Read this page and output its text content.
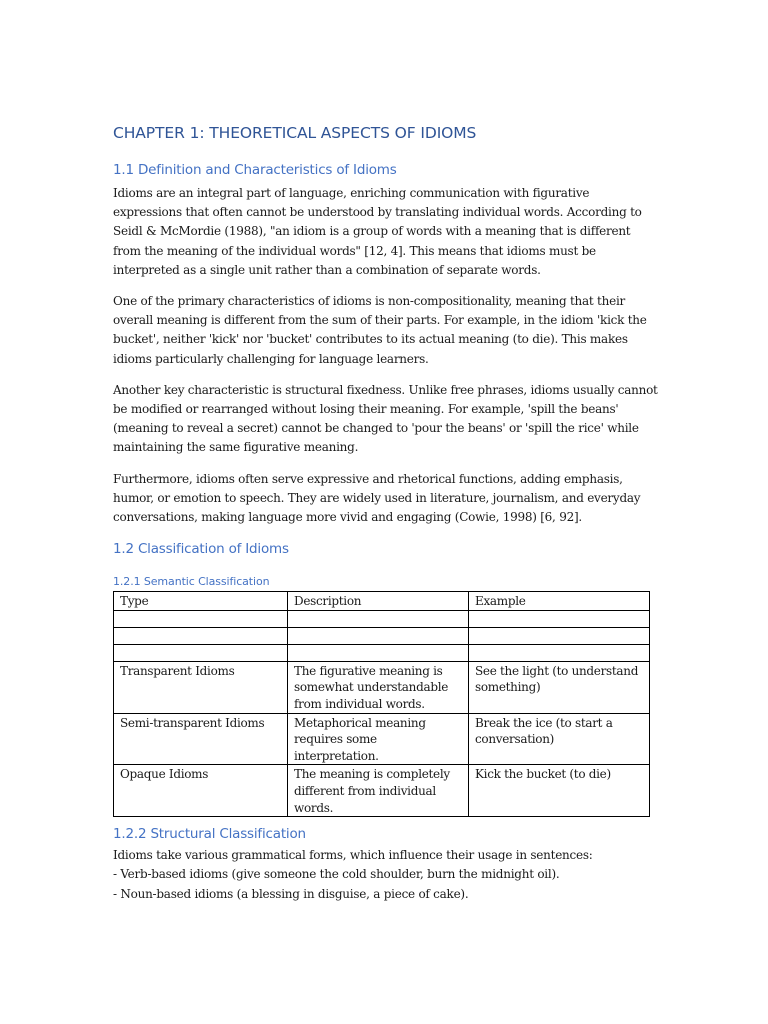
CHAPTER 1: THEORETICAL ASPECTS OF IDIOMS
1.1 Definition and Characteristics of Idioms

Idioms are an integral part of language, enriching communication with figurative expressions that often cannot be understood by translating individual words. According to Seidl & McMordie (1988), "an idiom is a group of words with a meaning that is different from the meaning of the individual words" [12, 4]. This means that idioms must be interpreted as a single unit rather than a combination of separate words.

One of the primary characteristics of idioms is non-compositionality, meaning that their overall meaning is different from the sum of their parts. For example, in the idiom 'kick the bucket', neither 'kick' nor 'bucket' contributes to its actual meaning (to die). This makes idioms particularly challenging for language learners.

Another key characteristic is structural fixedness. Unlike free phrases, idioms usually cannot be modified or rearranged without losing their meaning. For example, 'spill the beans' (meaning to reveal a secret) cannot be changed to 'pour the beans' or 'spill the rice' while maintaining the same figurative meaning.

Furthermore, idioms often serve expressive and rhetorical functions, adding emphasis, humor, or emotion to speech. They are widely used in literature, journalism, and everyday conversations, making language more vivid and engaging (Cowie, 1998) [6, 92].

1.2 Classification of Idioms
1.2.1 Semantic Classification
Type	Description	Example

Transparent Idioms	The figurative meaning is somewhat understandable from individual words.	See the light (to understand something)
Semi-transparent Idioms	Metaphorical meaning requires some interpretation.	Break the ice (to start a conversation)
Opaque Idioms	The meaning is completely different from individual words.	Kick the bucket (to die)
1.2.2 Structural Classification

Idioms take various grammatical forms, which influence their usage in sentences:

- Verb-based idioms (give someone the cold shoulder, burn the midnight oil).

- Noun-based idioms (a blessing in disguise, a piece of cake).
